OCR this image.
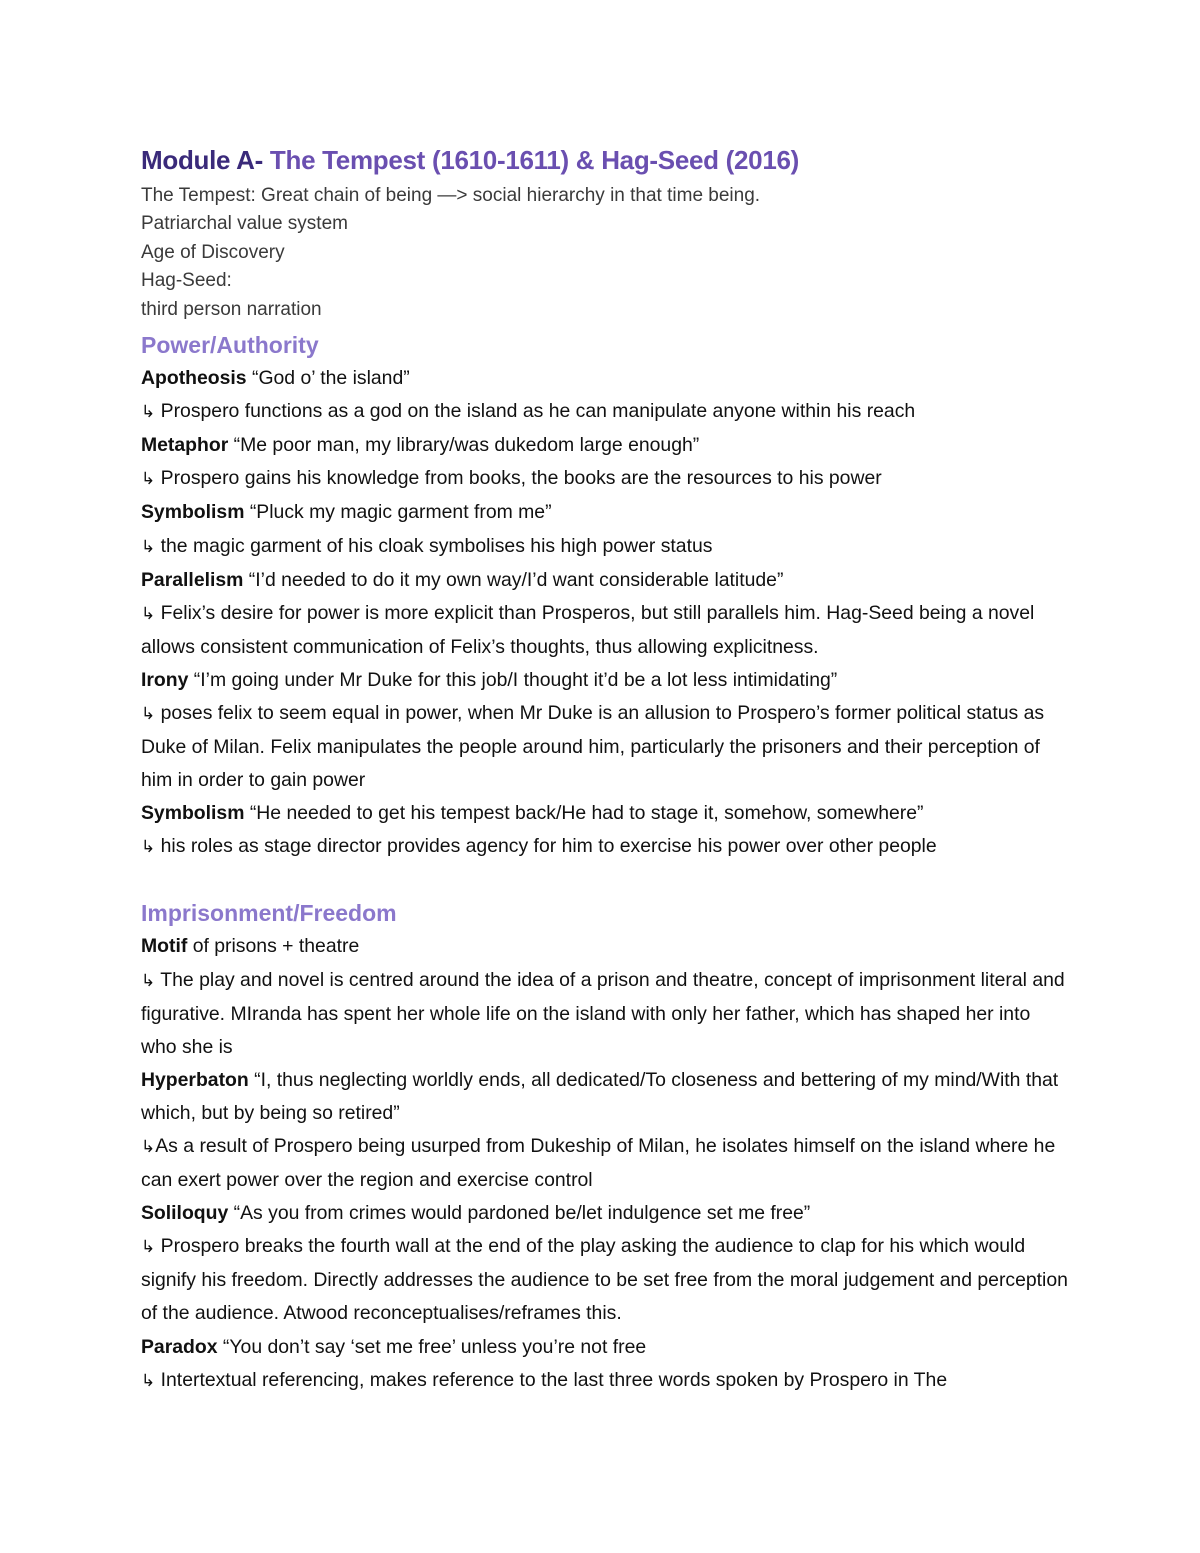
Module A- The Tempest (1610-1611) & Hag-Seed (2016)
The Tempest: Great chain of being —> social hierarchy in that time being.
Patriarchal value system
Age of Discovery
Hag-Seed:
third person narration
Power/Authority
Apotheosis “God o’ the island”
↳ Prospero functions as a god on the island as he can manipulate anyone within his reach
Metaphor “Me poor man, my library/was dukedom large enough”
↳ Prospero gains his knowledge from books, the books are the resources to his power
Symbolism “Pluck my magic garment from me”
↳ the magic garment of his cloak symbolises his high power status
Parallelism “I’d needed to do it my own way/I’d want considerable latitude”
↳ Felix’s desire for power is more explicit than Prosperos, but still parallels him. Hag-Seed being a novel allows consistent communication of Felix’s thoughts, thus allowing explicitness.
Irony “I’m going under Mr Duke for this job/I thought it’d be a lot less intimidating”
↳ poses felix to seem equal in power, when Mr Duke is an allusion to Prospero’s former political status as Duke of Milan. Felix manipulates the people around him, particularly the prisoners and their perception of him in order to gain power
Symbolism “He needed to get his tempest back/He had to stage it, somehow, somewhere”
↳ his roles as stage director provides agency for him to exercise his power over other people
Imprisonment/Freedom
Motif of prisons + theatre
↳ The play and novel is centred around the idea of a prison and theatre, concept of imprisonment literal and figurative. MIranda has spent her whole life on the island with only her father, which has shaped her into who she is
Hyperbaton “I, thus neglecting worldly ends, all dedicated/To closeness and bettering of my mind/With that which, but by being so retired”
↳As a result of Prospero being usurped from Dukeship of Milan, he isolates himself on the island where he can exert power over the region and exercise control
Soliloquy “As you from crimes would pardoned be/let indulgence set me free”
↳ Prospero breaks the fourth wall at the end of the play asking the audience to clap for his which would signify his freedom. Directly addresses the audience to be set free from the moral judgement and perception of the audience. Atwood reconceptualises/reframes this.
Paradox “You don’t say ‘set me free’ unless you’re not free
↳ Intertextual referencing, makes reference to the last three words spoken by Prospero in The
